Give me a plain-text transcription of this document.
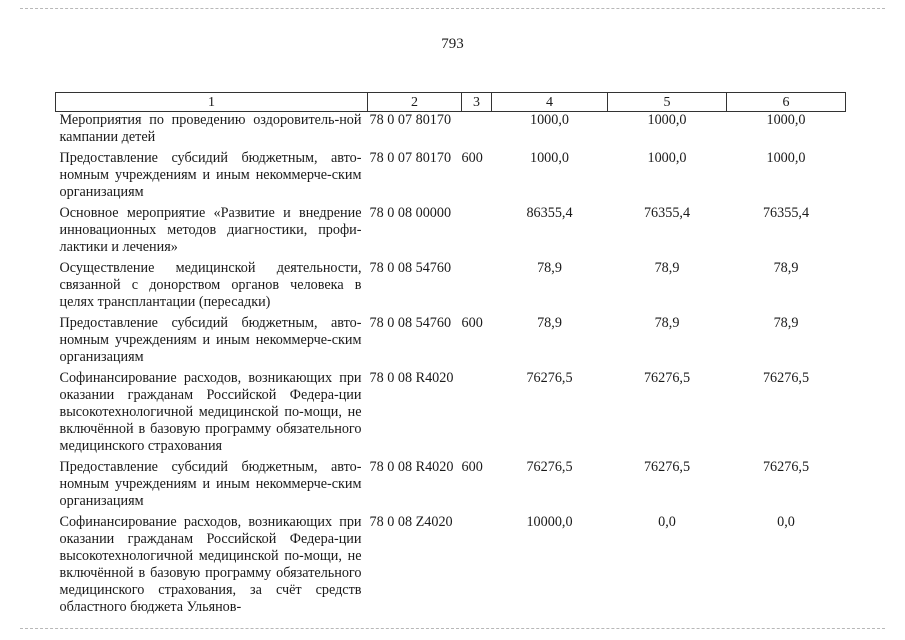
793
1	2	3	4	5	6
Мероприятия по проведению оздоровитель-ной кампании детей	78 0 07 80170		1000,0	1000,0	1000,0

Предоставление субсидий бюджетным, авто-номным учреждениям и иным некоммерче-ским организациям	78 0 07 80170	600	1000,0	1000,0	1000,0

Основное мероприятие «Развитие и внедрение инновационных методов диагностики, профи-лактики и лечения»	78 0 08 00000		86355,4	76355,4	76355,4

Осуществление медицинской деятельности, связанной с донорством органов человека в целях трансплантации (пересадки)	78 0 08 54760		78,9	78,9	78,9

Предоставление субсидий бюджетным, авто-номным учреждениям и иным некоммерче-ским организациям	78 0 08 54760	600	78,9	78,9	78,9

Софинансирование расходов, возникающих при оказании гражданам Российской Федера-ции высокотехнологичной медицинской по-мощи, не включённой в базовую программу обязательного медицинского страхования	78 0 08 R4020		76276,5	76276,5	76276,5

Предоставление субсидий бюджетным, авто-номным учреждениям и иным некоммерче-ским организациям	78 0 08 R4020	600	76276,5	76276,5	76276,5

Софинансирование расходов, возникающих при оказании гражданам Российской Федера-ции высокотехнологичной медицинской по-мощи, не включённой в базовую программу обязательного медицинского страхования, за счёт средств областного бюджета Ульянов-	78 0 08 Z4020		10000,0	0,0	0,0
